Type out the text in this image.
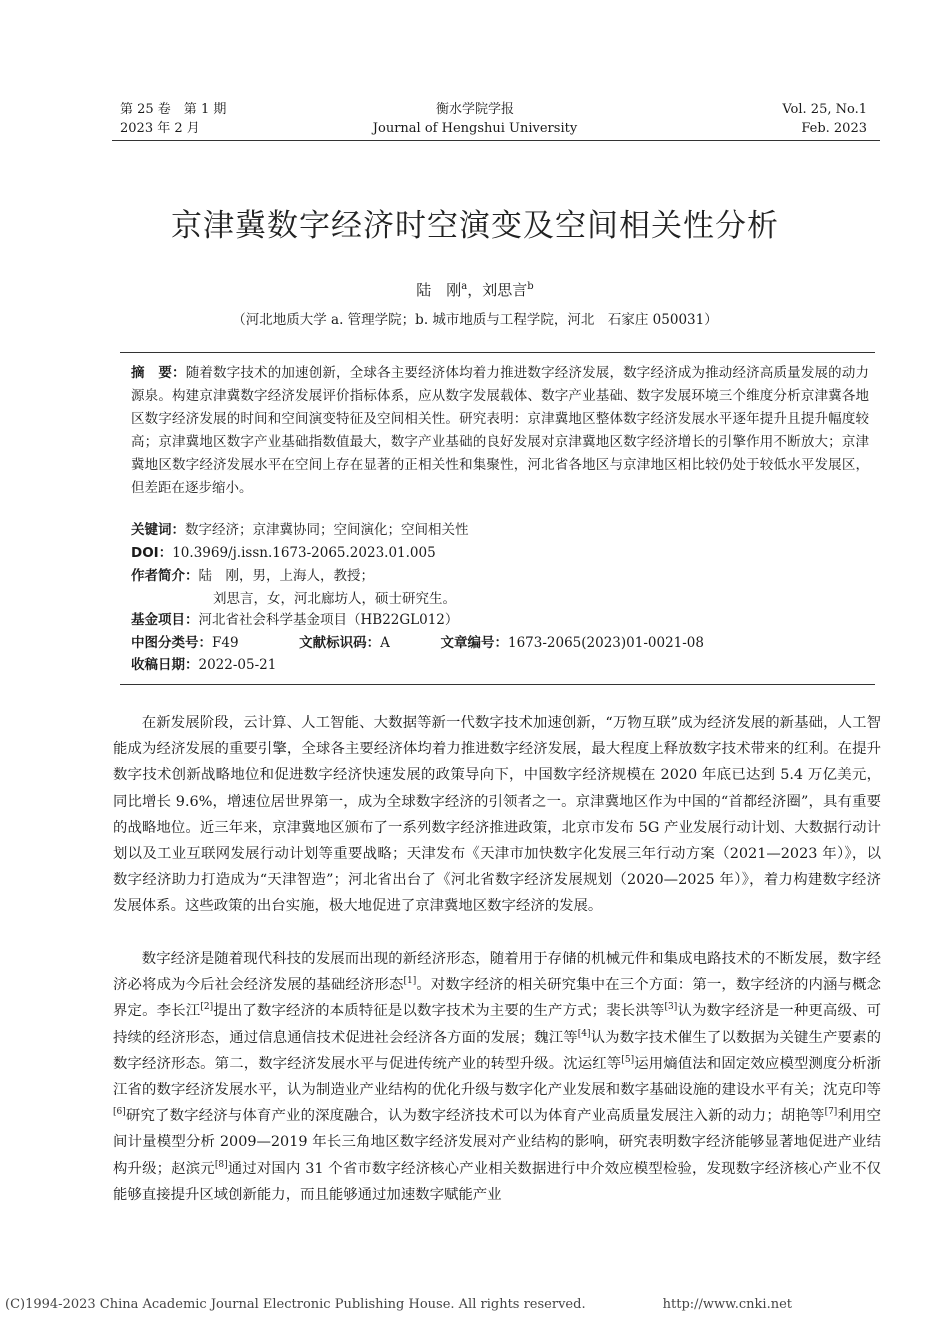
第 25 卷　第 1 期
2023 年 2 月
衡水学院学报
Journal of Hengshui University
Vol. 25, No.1
Feb. 2023
京津冀数字经济时空演变及空间相关性分析
陆　刚$^a$，刘思言$^b$
（河北地质大学 a. 管理学院；b. 城市地质与工程学院，河北　石家庄 050031）
摘　要：随着数字技术的加速创新，全球各主要经济体均着力推进数字经济发展，数字经济成为推动经济高质量发展的动力源泉。构建京津冀数字经济发展评价指标体系，应从数字发展载体、数字产业基础、数字发展环境三个维度分析京津冀各地区数字经济发展的时间和空间演变特征及空间相关性。研究表明：京津冀地区整体数字经济发展水平逐年提升且提升幅度较高；京津冀地区数字产业基础指数值最大，数字产业基础的良好发展对京津冀地区数字经济增长的引擎作用不断放大；京津冀地区数字经济发展水平在空间上存在显著的正相关性和集聚性，河北省各地区与京津地区相比较仍处于较低水平发展区，但差距在逐步缩小。
关键词：数字经济；京津冀协同；空间演化；空间相关性
DOI：10.3969/j.issn.1673-2065.2023.01.005
作者简介：陆　刚，男，上海人，教授；
刘思言，女，河北廊坊人，硕士研究生。
基金项目：河北省社会科学基金项目（HB22GL012）
中图分类号：F49	文献标识码：A	文章编号：1673-2065(2023)01-0021-08
收稿日期：2022-05-21

在新发展阶段，云计算、人工智能、大数据等新一代数字技术加速创新，“万物互联”成为经济发展的新基础，人工智能成为经济发展的重要引擎，全球各主要经济体均着力推进数字经济发展，最大程度上释放数字技术带来的红利。在提升数字技术创新战略地位和促进数字经济快速发展的政策导向下，中国数字经济规模在 2020 年底已达到 5.4 万亿美元，同比增长 9.6%，增速位居世界第一，成为全球数字经济的引领者之一。京津冀地区作为中国的“首都经济圈”，具有重要的战略地位。近三年来，京津冀地区颁布了一系列数字经济推进政策，北京市发布 5G 产业发展行动计划、大数据行动计划以及工业互联网发展行动计划等重要战略；天津发布《天津市加快数字化发展三年行动方案（2021—2023 年）》，以数字经济助力打造成为“天津智造”；河北省出台了《河北省数字经济发展规划（2020—2025 年）》，着力构建数字经济发展体系。这些政策的出台实施，极大地促进了京津冀地区数字经济的发展。

数字经济是随着现代科技的发展而出现的新经济形态，随着用于存储的机械元件和集成电路技术的不断发展，数字经济必将成为今后社会经济发展的基础经济形态[1]。对数字经济的相关研究集中在三个方面：第一，数字经济的内涵与概念界定。李长江[2]提出了数字经济的本质特征是以数字技术为主要的生产方式；裴长洪等[3]认为数字经济是一种更高级、可持续的经济形态，通过信息通信技术促进社会经济各方面的发展；魏江等[4]认为数字技术催生了以数据为关键生产要素的数字经济形态。第二，数字经济发展水平与促进传统产业的转型升级。沈运红等[5]运用熵值法和固定效应模型测度分析浙江省的数字经济发展水平，认为制造业产业结构的优化升级与数字化产业发展和数字基础设施的建设水平有关；沈克印等[6]研究了数字经济与体育产业的深度融合，认为数字经济技术可以为体育产业高质量发展注入新的动力；胡艳等[7]利用空间计量模型分析 2009—2019 年长三角地区数字经济发展对产业结构的影响，研究表明数字经济能够显著地促进产业结构升级；赵滨元[8]通过对国内 31 个省市数字经济核心产业相关数据进行中介效应模型检验，发现数字经济核心产业不仅能够直接提升区域创新能力，而且能够通过加速数字赋能产业

(C)1994-2023 China Academic Journal Electronic Publishing House. All rights reserved.	http://www.cnki.net
